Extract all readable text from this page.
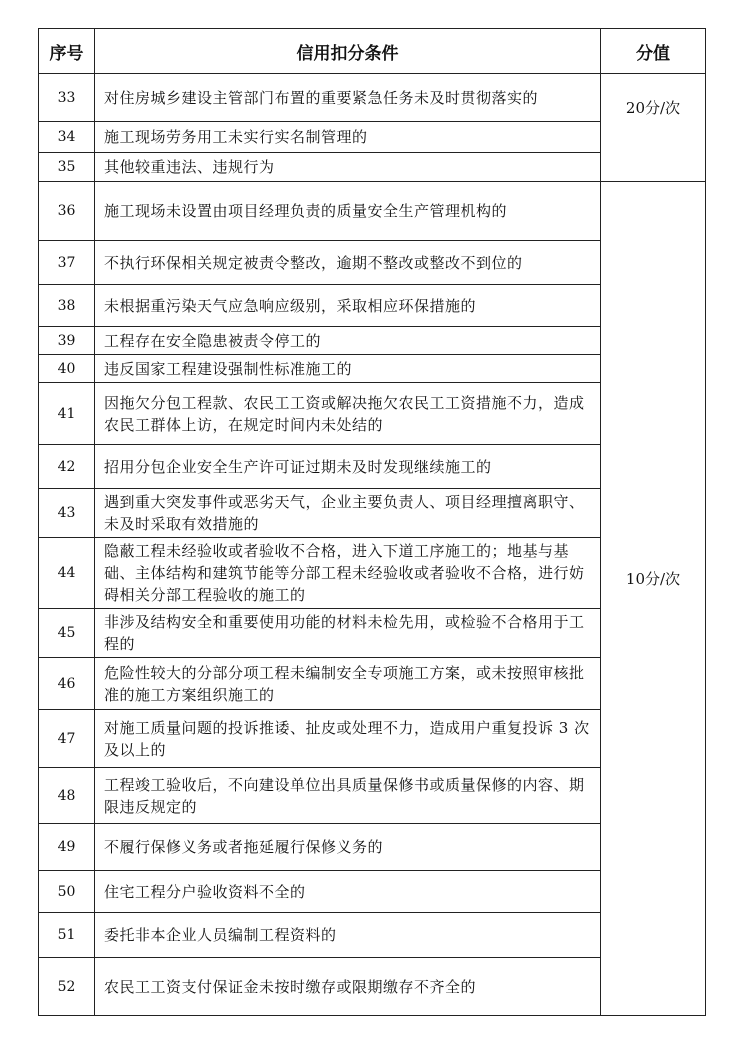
序号	信用扣分条件	分值
33	对住房城乡建设主管部门布置的重要紧急任务未及时贯彻落实的	20分/次
34	施工现场劳务用工未实行实名制管理的	
35	其他较重违法、违规行为	
36	施工现场未设置由项目经理负责的质量安全生产管理机构的	10分/次
37	不执行环保相关规定被责令整改，逾期不整改或整改不到位的	
38	未根据重污染天气应急响应级别，采取相应环保措施的	
39	工程存在安全隐患被责令停工的	
40	违反国家工程建设强制性标准施工的	
41	因拖欠分包工程款、农民工工资或解决拖欠农民工工资措施不力，造成农民工群体上访，在规定时间内未处结的	
42	招用分包企业安全生产许可证过期未及时发现继续施工的	
43	遇到重大突发事件或恶劣天气，企业主要负责人、项目经理擅离职守、未及时采取有效措施的	
44	隐蔽工程未经验收或者验收不合格，进入下道工序施工的；地基与基础、主体结构和建筑节能等分部工程未经验收或者验收不合格，进行妨碍相关分部工程验收的施工的	
45	非涉及结构安全和重要使用功能的材料未检先用，或检验不合格用于工程的	
46	危险性较大的分部分项工程未编制安全专项施工方案，或未按照审核批准的施工方案组织施工的	
47	对施工质量问题的投诉推诿、扯皮或处理不力，造成用户重复投诉 3 次及以上的	
48	工程竣工验收后，不向建设单位出具质量保修书或质量保修的内容、期限违反规定的	
49	不履行保修义务或者拖延履行保修义务的	
50	住宅工程分户验收资料不全的	
51	委托非本企业人员编制工程资料的	
52	农民工工资支付保证金未按时缴存或限期缴存不齐全的	
